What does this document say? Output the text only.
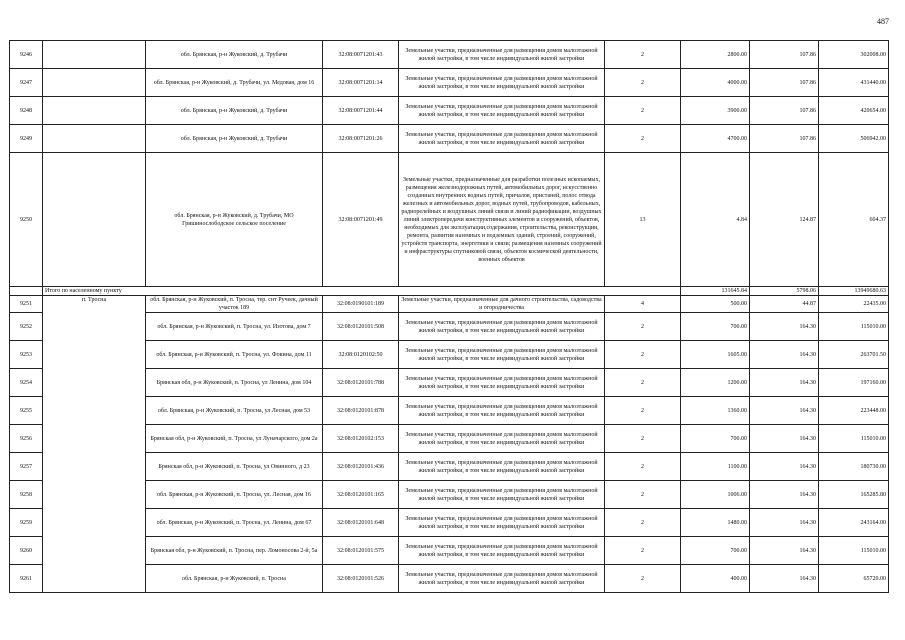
487
9246		обл. Брянская, р-н Жуковский, д. Трубачи	32:08:0071201:43	Земельные участки, предназначенные для размещения домов малоэтажной жилой застройки, в том числе индивидуальной жилой застройки	2	2800.00	107.86	302008.00
9247		обл. Брянская, р-н Жуковский, д. Трубачи, ул. Медовая, дом 16	32:08:0071201:14	Земельные участки, предназначенные для размещения домов малоэтажной жилой застройки, в том числе индивидуальной жилой застройки	2	4000.00	107.86	431440.00
9248		обл. Брянская, р-н Жуковский, д. Трубачи	32:08:0071201:44	Земельные участки, предназначенные для размещения домов малоэтажной жилой застройки, в том числе индивидуальной жилой застройки	2	3900.00	107.86	420654.00
9249		обл. Брянская, р-н Жуковский, д. Трубачи	32:08:0071201:26	Земельные участки, предназначенные для размещения домов малоэтажной жилой застройки, в том числе индивидуальной жилой застройки	2	4700.00	107.86	506942.00
9250		обл. Брянская, р-н Жуковский, д. Трубачи, МО Гришинослободское сельское поселение	32:08:0071201:49	Земельные участки, предназначенные для разработки полезных ископаемых, размещения железнодорожных путей, автомобильных дорог, искусственно созданных внутренних водных путей, причалов, пристаней, полос отвода железных и автомобильных дорог, водных путей, трубопроводов, кабельных, радиорелейных и воздушных линий связи и линий радиофикации, воздушных линий электропередачи конструктивных элементов и сооружений, объектов, необходимых для эксплуатации,содержания, строительства, реконструкции, ремонта, развития наземных и подземных зданий, строений, сооружений, устройств транспорта, энергетики и связи; размещения наземных сооружений и инфраструктуры спутниковой связи, объектов космической деятельности, военных объектов	13	4.84	124.87	604.37
	Итого по населенному пункту					131645.84	5798.06	13949680.63
9251	п. Тросна	обл. Брянская, р-н Жуковский, п. Тросна, тер. снт Ручеек, дачный участок 189	32:08:0190101:189	Земельные участки, предназначенные для дачного строительства, садоводства и огородничества	4	500.00	44.87	22435.00
9252		обл. Брянская, р-н Жуковский, п. Тросна, ул. Изотова, дом 7	32:08:0120101:508	Земельные участки, предназначенные для размещения домов малоэтажной жилой застройки, в том числе индивидуальной жилой застройки	2	700.00	164.30	115010.00
9253		обл. Брянская, р-н Жуковский, п. Тросна, ул. Фокина, дом 11	32:08:0120102:50	Земельные участки, предназначенные для размещения домов малоэтажной жилой застройки, в том числе индивидуальной жилой застройки	2	1605.00	164.30	263701.50
9254		Брянская обл, р-н Жуковский, п. Тросна, ул Ленина, дом 104	32:08:0120101:788	Земельные участки, предназначенные для размещения домов малоэтажной жилой застройки, в том числе индивидуальной жилой застройки	2	1200.00	164.30	197160.00
9255		обл. Брянская, р-н Жуковский, п. Тросна, ул Лесная, дом 53	32:08:0120101:878	Земельные участки, предназначенные для размещения домов малоэтажной жилой застройки, в том числе индивидуальной жилой застройки	2	1360.00	164.30	223448.00
9256		Брянская обл, р-н Жуковский, п. Тросна, ул Луначарского, дом 2а	32:08:0120102:153	Земельные участки, предназначенные для размещения домов малоэтажной жилой застройки, в том числе индивидуальной жилой застройки	2	700.00	164.30	115010.00
9257		Брянская обл, р-н Жуковский, п. Тросна, ул Овинного, д 23	32:08:0120101:436	Земельные участки, предназначенные для размещения домов малоэтажной жилой застройки, в том числе индивидуальной жилой застройки	2	1100.00	164.30	180730.00
9258		обл. Брянская, р-н Жуковский, п. Тросна, ул. Лесная, дом 16	32:08:0120101:165	Земельные участки, предназначенные для размещения домов малоэтажной жилой застройки, в том числе индивидуальной жилой застройки	2	1006.00	164.30	165285.80
9259		обл. Брянская, р-н Жуковский, п. Тросна, ул. Ленина, дом 67	32:08:0120101:648	Земельные участки, предназначенные для размещения домов малоэтажной жилой застройки, в том числе индивидуальной жилой застройки	2	1480.00	164.30	243164.00
9260		Брянская обл, р-н Жуковский, п. Тросна, пер. Ломоносова 2-й, 5а	32:08:0120101:575	Земельные участки, предназначенные для размещения домов малоэтажной жилой застройки, в том числе индивидуальной жилой застройки	2	700.00	164.30	115010.00
9261		обл. Брянская, р-н Жуковский, п. Тросна	32:08:0120101:526	Земельные участки, предназначенные для размещения домов малоэтажной жилой застройки, в том числе индивидуальной жилой застройки	2	400.00	164.30	65720.00
